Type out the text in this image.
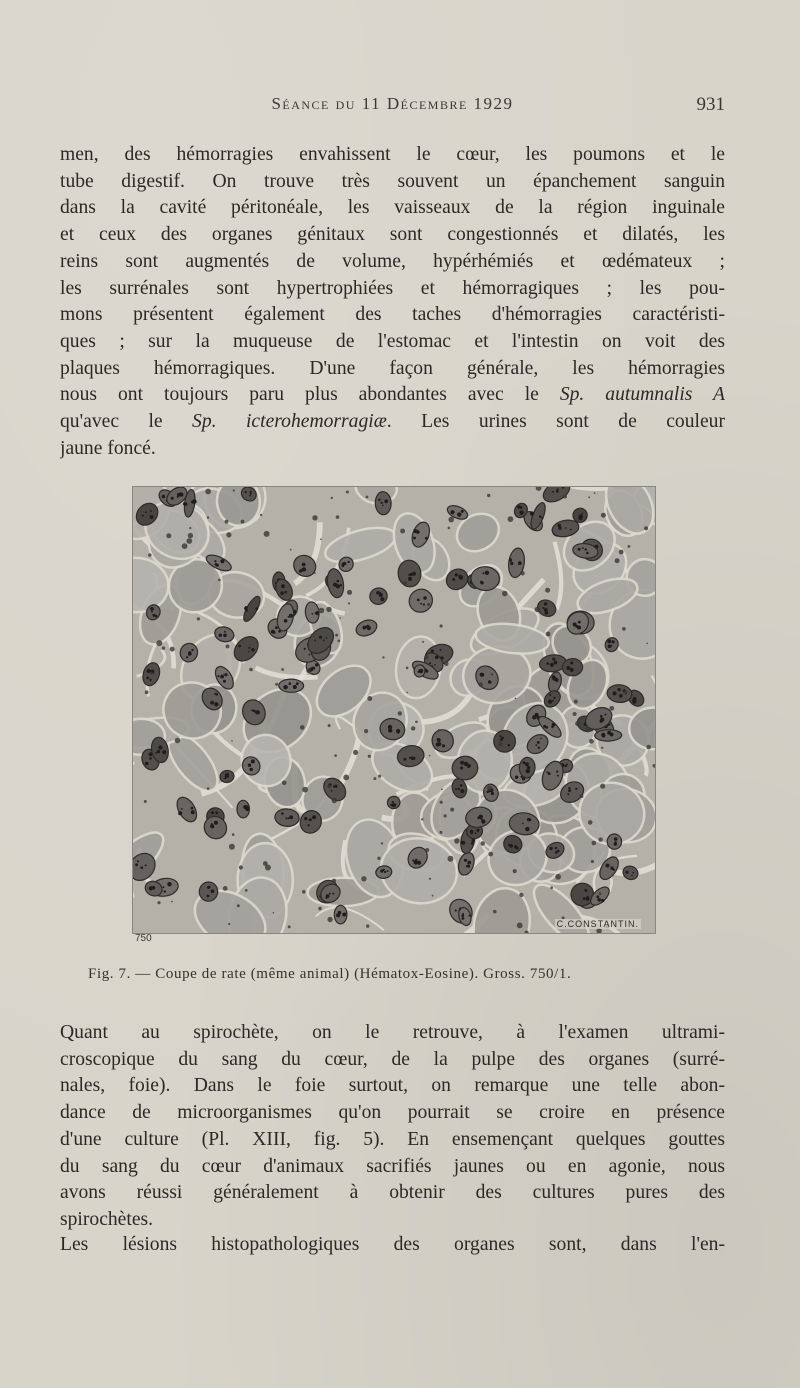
Séance du 11 Décembre 1929	931
men, des hémorragies envahissent le cœur, les poumons et le
tube digestif. On trouve très souvent un épanchement sanguin
dans la cavité péritonéale, les vaisseaux de la région inguinale
et ceux des organes génitaux sont congestionnés et dilatés, les
reins sont augmentés de volume, hypérhémiés et œdémateux ;
les surrénales sont hypertrophiées et hémorragiques ; les pou-
mons présentent également des taches d'hémorragies caractéristi-
ques ; sur la muqueuse de l'estomac et l'intestin on voit des
plaques hémorragiques. D'une façon générale, les hémorragies
nous ont toujours paru plus abondantes avec le Sp. autumnalis A
qu'avec le Sp. icterohemorragiæ. Les urines sont de couleur
jaune foncé.
C.CONSTANTIN.
750
Fig. 7. — Coupe de rate (même animal) (Hématox-Eosine). Gross. 750/1.
Quant au spirochète, on le retrouve, à l'examen ultrami-
croscopique du sang du cœur, de la pulpe des organes (surré-
nales, foie). Dans le foie surtout, on remarque une telle abon-
dance de microorganismes qu'on pourrait se croire en présence
d'une culture (Pl. XIII, fig. 5). En ensemençant quelques gouttes
du sang du cœur d'animaux sacrifiés jaunes ou en agonie, nous
avons réussi généralement à obtenir des cultures pures des
spirochètes.
Les lésions histopathologiques des organes sont, dans l'en-
